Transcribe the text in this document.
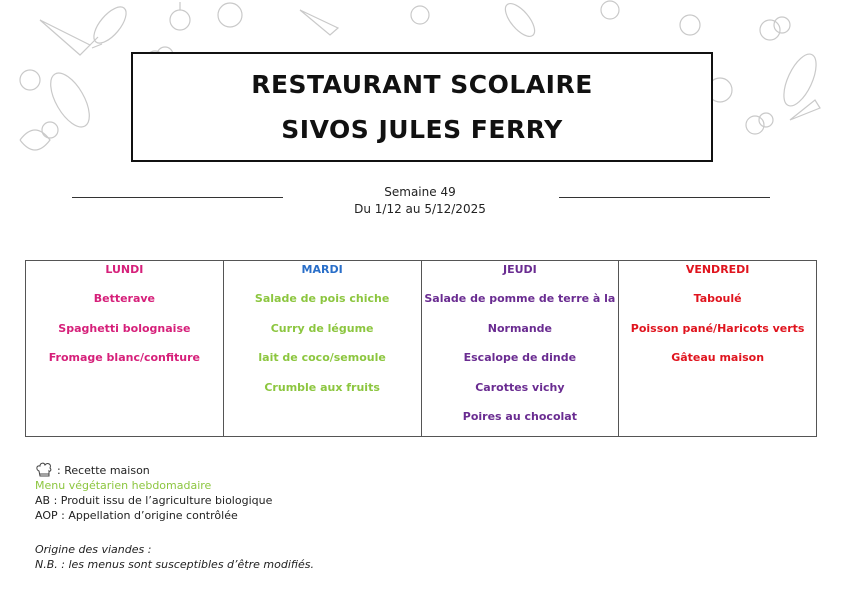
RESTAURANT SCOLAIRE
SIVOS JULES FERRY
Semaine 49
Du 1/12 au 5/12/2025
LUNDI
Betterave
Spaghetti bolognaise
Fromage blanc/confiture
MARDI
Salade de pois chiche
Curry de légume
lait de coco/semoule
Crumble aux fruits
JEUDI
Salade de pomme de terre à la
Normande
Escalope de dinde
Carottes vichy
Poires au chocolat
VENDREDI
Taboulé
Poisson pané/Haricots verts
Gâteau maison
: Recette maison
Menu végétarien hebdomadaire
AB : Produit issu de l’agriculture biologique
AOP : Appellation d’origine contrôlée
Origine des viandes :
N.B. : les menus sont susceptibles d’être modifiés.
